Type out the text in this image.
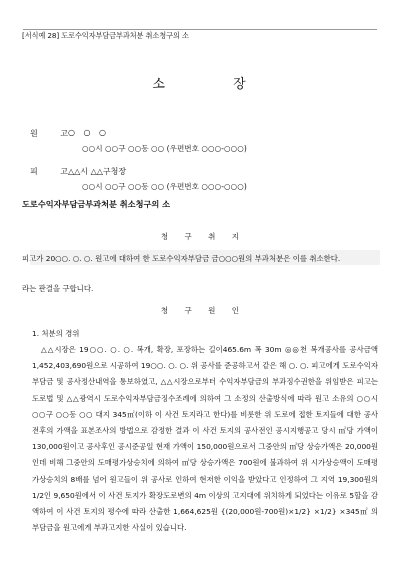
[서식예 28] 도로수익자부담금부과처분 취소청구의 소
소 장
원 고
○ ○ ○
○○시 ○○구 ○○동 ○○ (우편번호 ○○○-○○○)
피 고
△△시 △△구청장
○○시 ○○구 ○○동 ○○ (우편번호 ○○○-○○○)
도로수익자부담금부과처분 취소청구의 소
청 구 취 지
피고가 20○○. ○. ○. 원고에 대하여 한 도로수익자부담금 금○○○원의 부과처분은 이를 취소한다.
라는 판결을 구합니다.
청 구 원 인
1. 처분의 경위
△△시장은 19○○. ○. ○. 복개, 확장, 포장하는 길이465.6m 폭 30m ◎◎천 복개공사를 공사금액 1,452,403,690원으로 시공하여 19○○. ○. ○. 위 공사를 준공하고서 같은 해 ○. ○. 피고에게 도로수익자 부담금 및 공사정산내역을 통보하였고, △△시장으로부터 수익자부담금의 부과징수권한을 위임받은 피고는 도로법 및 △△광역시 도로수익자부담금징수조례에 의하여 그 소정의 산출방식에 따라 원고 소유의 ○○시 ○○구 ○○동 ○○ 대지 345㎡(이하 이 사건 토지라고 한다)를 비롯한 위 도로에 접한 토지들에 대한 공사 전후의 가액을 표본조사의 방법으로 감정한 결과 이 사건 토지의 공사전인 공시지행공고 당시 ㎡당 가액이 130,000원이고 공사후인 공시준공일 현재 가액이 150,000원으로서 그중안의 ㎡당 상승가액은 20,000원인데 비해 그중안의 도매평가상승치에 의하여 ㎡당 상승가액은 700원에 불과하여 위 시가상승액이 도매평가상승치의 8배를 넘어 원고들이 위 공사로 인하여 현저한 이익을 받았다고 인정하여 그 지역 19,300원의 1/2인 9,650원에서 이 사건 토지가 확장도로변의 4m 이상의 고지대에 위치하게 되었다는 이유로 5할을 감액하여 이 사건 토지의 평수에 따라 산출한 1,664,625원 {(20,000원-700원)×1/2} ×1/2} ×345㎡ 의 부담금을 원고에게 부과고지한 사실이 있습니다.
